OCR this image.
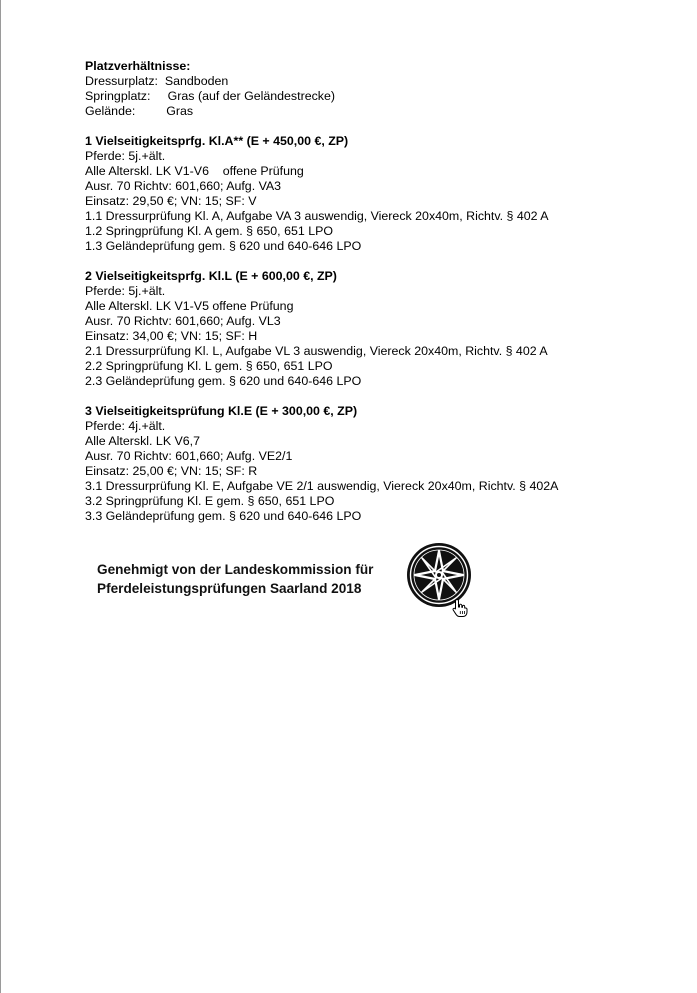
Platzverhältnisse:
Dressurplatz:  Sandboden
Springplatz:     Gras (auf der Geländestrecke)
Gelände:         Gras
1 Vielseitigkeitsprfg. Kl.A** (E + 450,00 €, ZP)
Pferde: 5j.+ält.
Alle Alterskl. LK V1-V6    offene Prüfung
Ausr. 70 Richtv: 601,660; Aufg. VA3
Einsatz: 29,50 €; VN: 15; SF: V
1.1 Dressurprüfung Kl. A, Aufgabe VA 3 auswendig, Viereck 20x40m, Richtv. § 402 A
1.2 Springprüfung Kl. A gem. § 650, 651 LPO
1.3 Geländeprüfung gem. § 620 und 640-646 LPO
2 Vielseitigkeitsprfg. Kl.L (E + 600,00 €, ZP)
Pferde: 5j.+ält.
Alle Alterskl. LK V1-V5 offene Prüfung
Ausr. 70 Richtv: 601,660; Aufg. VL3
Einsatz: 34,00 €; VN: 15; SF: H
2.1 Dressurprüfung Kl. L, Aufgabe VL 3 auswendig, Viereck 20x40m, Richtv. § 402 A
2.2 Springprüfung Kl. L gem. § 650, 651 LPO
2.3 Geländeprüfung gem. § 620 und 640-646 LPO
3 Vielseitigkeitsprüfung Kl.E (E + 300,00 €, ZP)
Pferde: 4j.+ält.
Alle Alterskl. LK V6,7
Ausr. 70 Richtv: 601,660; Aufg. VE2/1
Einsatz: 25,00 €; VN: 15; SF: R
3.1 Dressurprüfung Kl. E, Aufgabe VE 2/1 auswendig, Viereck 20x40m, Richtv. § 402A
3.2 Springprüfung Kl. E gem. § 650, 651 LPO
3.3 Geländeprüfung gem. § 620 und 640-646 LPO
Genehmigt von der Landeskommission für
Pferdeleistungsprüfungen Saarland 2018
